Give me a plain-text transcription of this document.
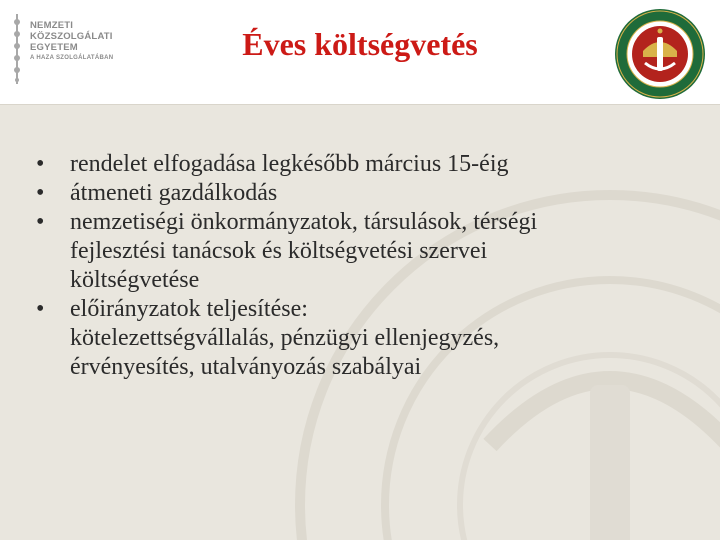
NEMZETI
KÖZSZOLGÁLATI
EGYETEM
A HAZA SZOLGÁLATÁBAN	Éves költségvetés
•	rendelet elfogadása legkésőbb március 15-éig
•	átmeneti gazdálkodás
•	nemzetiségi önkormányzatok, társulások, térségi
fejlesztési tanácsok és költségvetési szervei
költségvetése
•	előirányzatok teljesítése:
kötelezettségvállalás, pénzügyi ellenjegyzés,
érvényesítés, utalványozás szabályai
